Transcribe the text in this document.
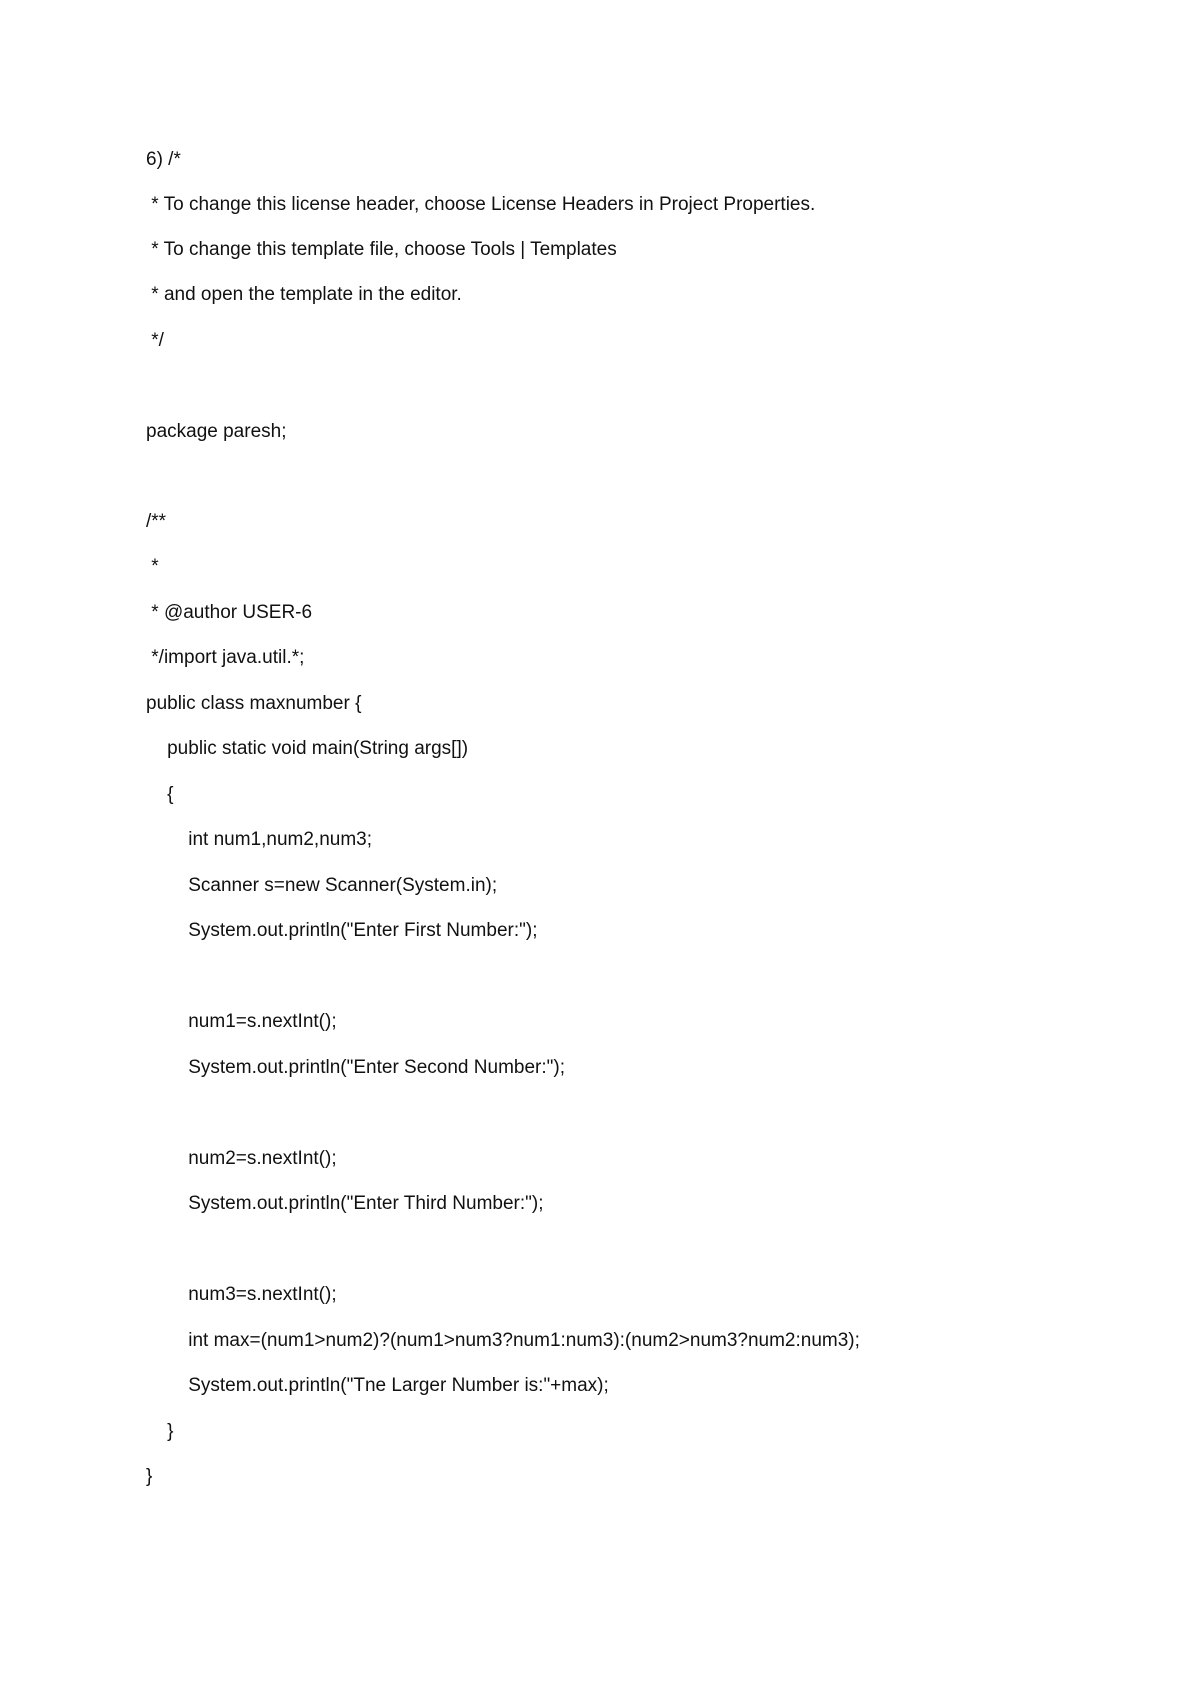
6) /*

* To change this license header, choose License Headers in Project Properties.

* To change this template file, choose Tools | Templates

* and open the template in the editor.

*/

package paresh;

/**

*

* @author USER-6

*/import java.util.*;

public class maxnumber {

public static void main(String args[])

{

int num1,num2,num3;

Scanner s=new Scanner(System.in);

System.out.println("Enter First Number:");

num1=s.nextInt();

System.out.println("Enter Second Number:");

num2=s.nextInt();

System.out.println("Enter Third Number:");

num3=s.nextInt();

int max=(num1>num2)?(num1>num3?num1:num3):(num2>num3?num2:num3);

System.out.println("Tne Larger Number is:"+max);

}

}
